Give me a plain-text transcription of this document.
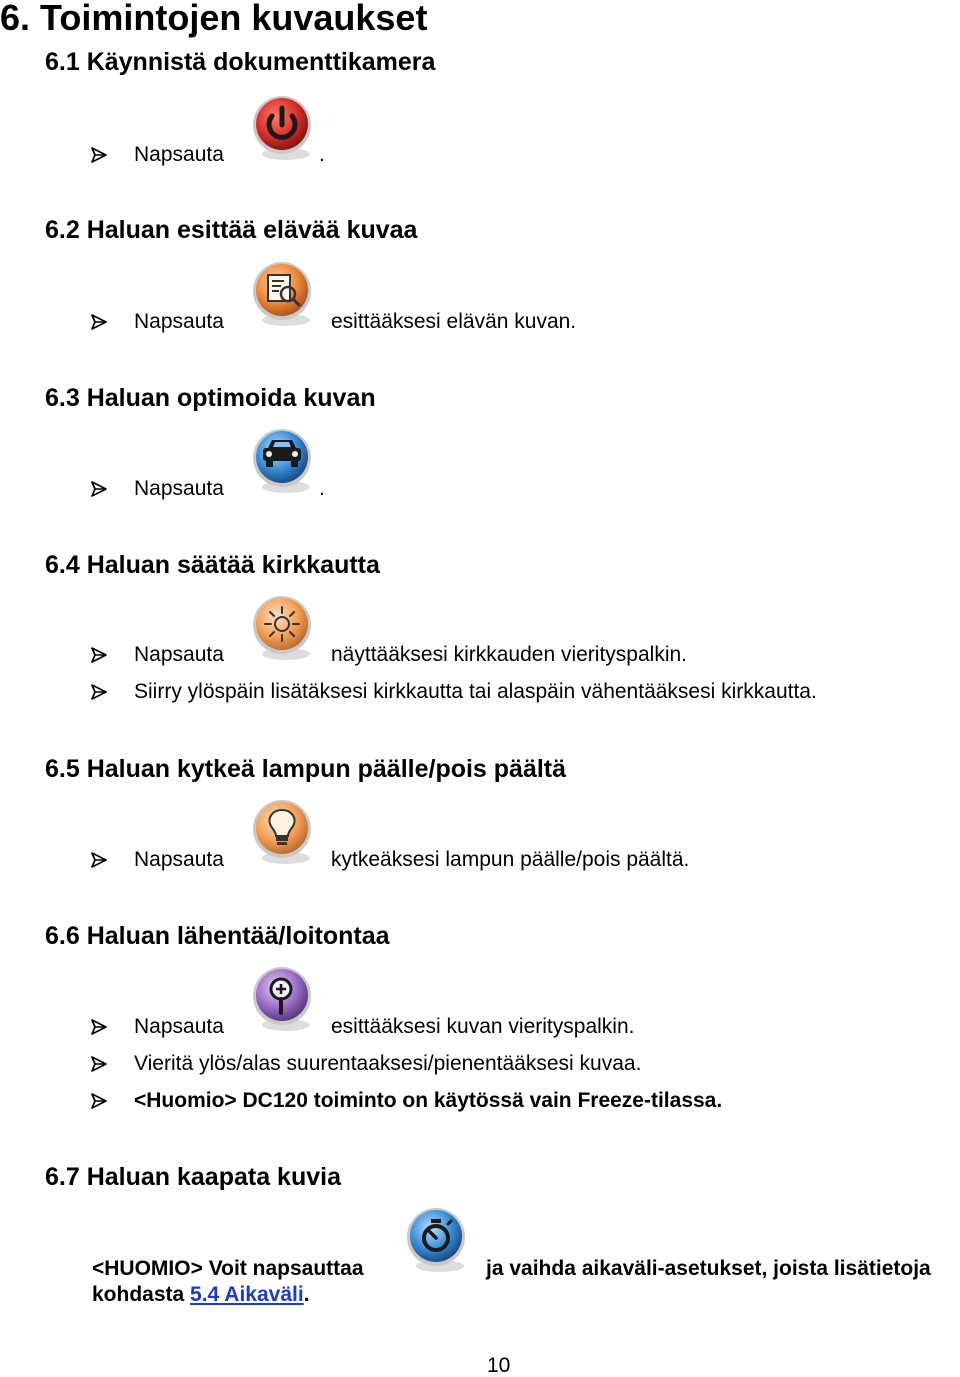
6. Toimintojen kuvaukset
6.1 Käynnistä dokumenttikamera
Napsauta	.
6.2 Haluan esittää elävää kuvaa
Napsauta	esittääksesi elävän kuvan.
6.3 Haluan optimoida kuvan
Napsauta	.
6.4 Haluan säätää kirkkautta
Napsauta	näyttääksesi kirkkauden vierityspalkin.
Siirry ylöspäin lisätäksesi kirkkautta tai alaspäin vähentääksesi kirkkautta.
6.5 Haluan kytkeä lampun päälle/pois päältä
Napsauta	kytkeäksesi lampun päälle/pois päältä.
6.6 Haluan lähentää/loitontaa
Napsauta	esittääksesi kuvan vierityspalkin.
Vieritä ylös/alas suurentaaksesi/pienentääksesi kuvaa.
<Huomio> DC120 toiminto on käytössä vain Freeze-tilassa.
6.7 Haluan kaapata kuvia
<HUOMIO> Voit napsauttaa	ja vaihda aikaväli-asetukset, joista lisätietoja
kohdasta 5.4 Aikaväli.
10
